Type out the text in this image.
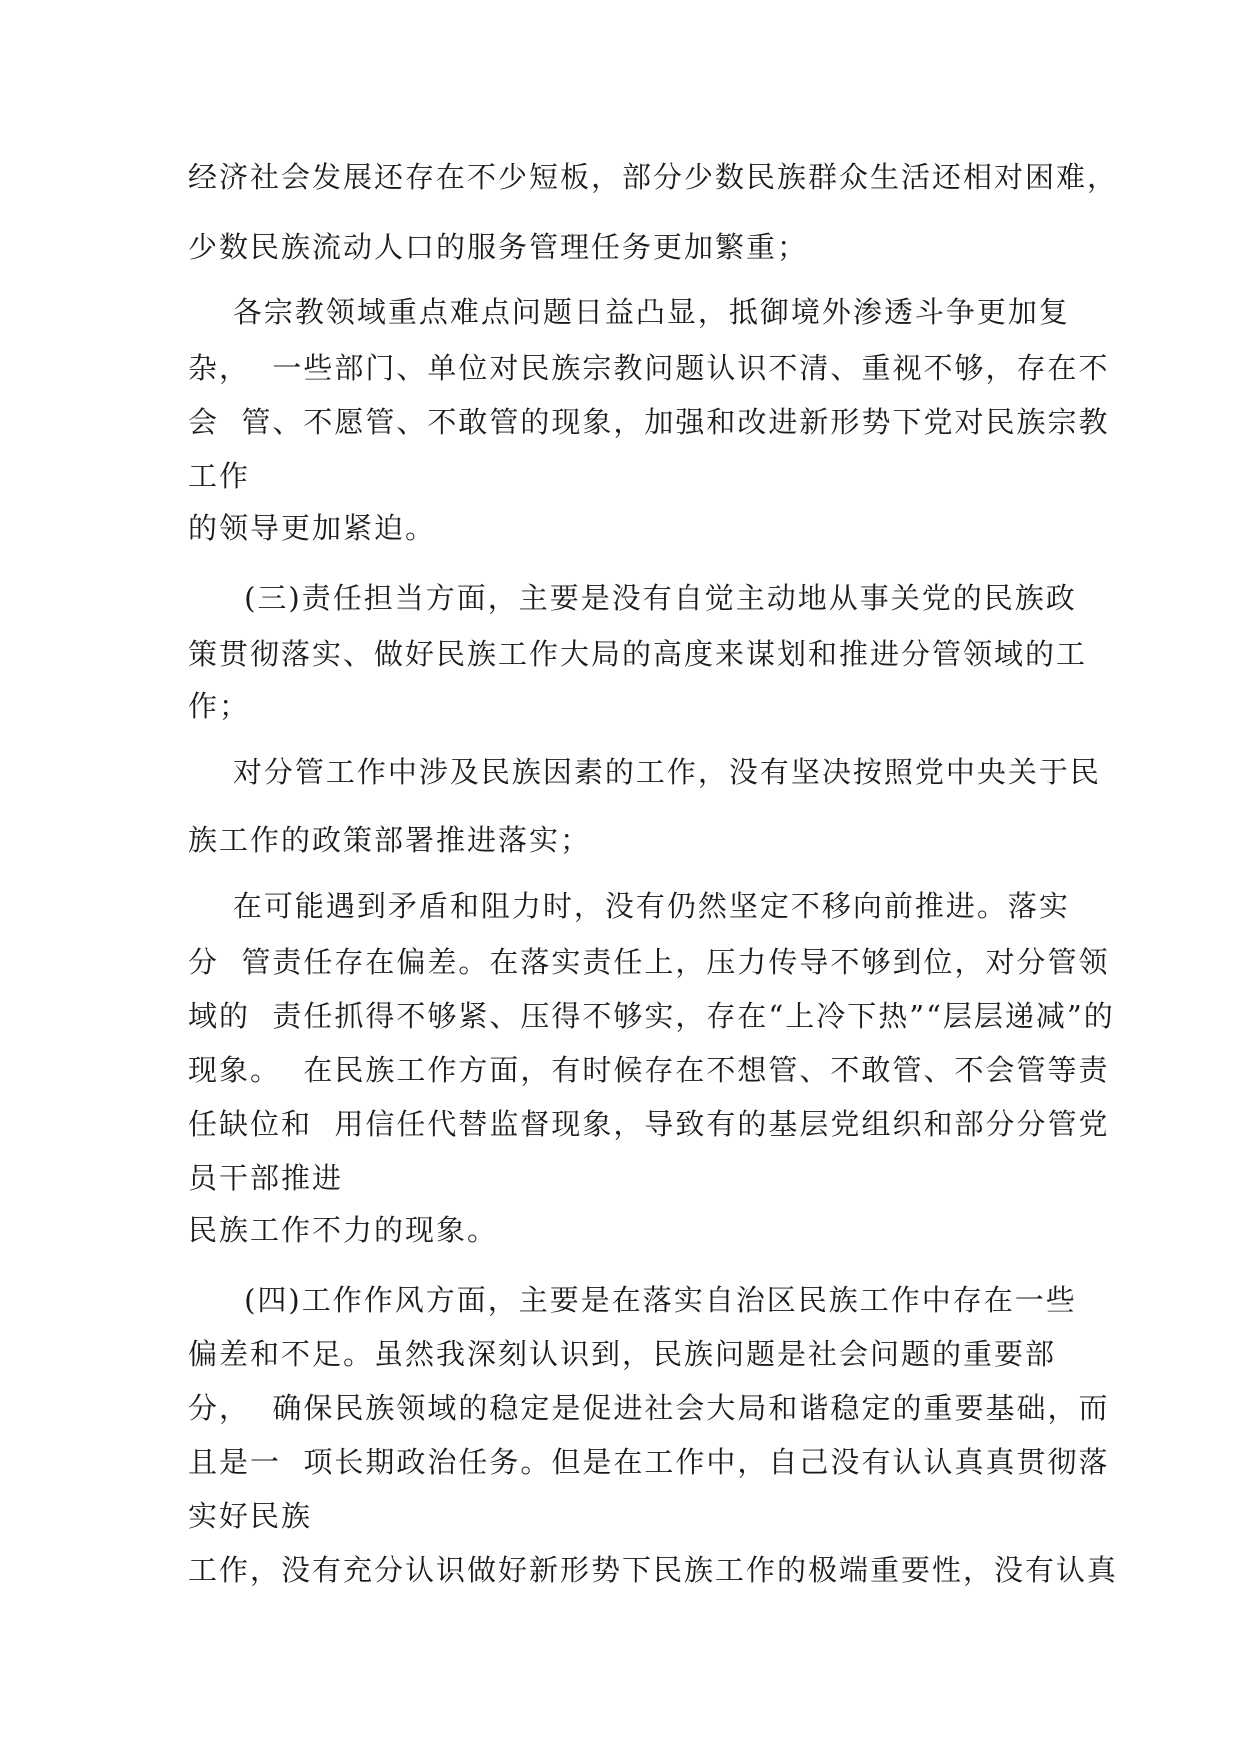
经济社会发展还存在不少短板，部分少数民族群众生活还相对困难，

少数民族流动人口的服务管理任务更加繁重；

各宗教领域重点难点问题日益凸显，抵御境外渗透斗争更加复

杂，  一些部门、单位对民族宗教问题认识不清、重视不够，存在不

会  管、不愿管、不敢管的现象，加强和改进新形势下党对民族宗教

工作

的领导更加紧迫。

(三)责任担当方面，主要是没有自觉主动地从事关党的民族政

策贯彻落实、做好民族工作大局的高度来谋划和推进分管领域的工

作；

对分管工作中涉及民族因素的工作，没有坚决按照党中央关于民

族工作的政策部署推进落实；

在可能遇到矛盾和阻力时，没有仍然坚定不移向前推进。落实

分  管责任存在偏差。在落实责任上，压力传导不够到位，对分管领

域的  责任抓得不够紧、压得不够实，存在“上冷下热”“层层递减”的

现象。  在民族工作方面，有时候存在不想管、不敢管、不会管等责

任缺位和  用信任代替监督现象，导致有的基层党组织和部分分管党

员干部推进

民族工作不力的现象。

(四)工作作风方面，主要是在落实自治区民族工作中存在一些

偏差和不足。虽然我深刻认识到，民族问题是社会问题的重要部

分，  确保民族领域的稳定是促进社会大局和谐稳定的重要基础，而

且是一  项长期政治任务。但是在工作中，自己没有认认真真贯彻落

实好民族

工作，没有充分认识做好新形势下民族工作的极端重要性，没有认真
